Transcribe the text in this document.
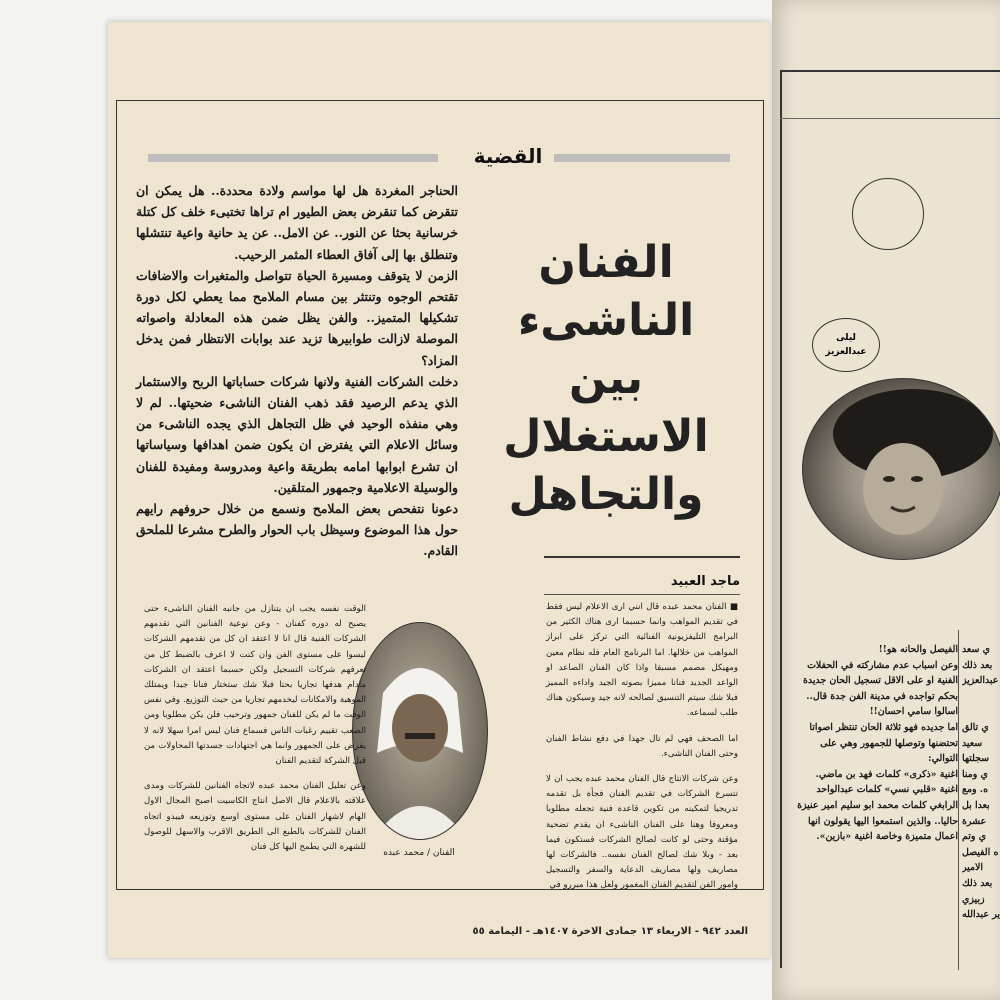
القضية

الحناجر المغردة هل لها مواسم ولادة محددة.. هل يمكن ان تتقرض كما تنقرض بعض الطيور ام تراها تختبىء خلف كل كتلة خرسانية بحثا عن النور.. عن الامل.. عن يد حانية واعية تنتشلها وتنطلق بها إلى آفاق العطاء المثمر الرحيب.

الزمن لا يتوقف ومسيرة الحياة تتواصل والمتغيرات والاضافات تقتحم الوجوه وتنتثر بين مسام الملامح مما يعطي لكل دورة تشكيلها المتميز.. والفن يظل ضمن هذه المعادلة واصواته الموصلة لازالت طوابيرها تزيد عند بوابات الانتظار فمن يدخل المزاد؟

دخلت الشركات الفنية ولانها شركات حساباتها الربح والاستثمار الذي يدعم الرصيد فقد ذهب الفنان الناشىء ضحيتها.. لم لا وهي منفذه الوحيد في ظل التجاهل الذي يجده الناشىء من وسائل الاعلام التي يفترض ان يكون ضمن اهدافها وسياساتها ان تشرع ابوابها امامه بطريقة واعية ومدروسة ومفيدة للفنان والوسيلة الاعلامية وجمهور المتلقين.

دعونا نتفحص بعض الملامح ونسمع من خلال حروفهم رايهم حول هذا الموضوع وسيظل باب الحوار والطرح مشرعا للملحق القادم.

الفنان الناشىء
بين
الاستغلال
والتجاهل
ماجد العبيد

■ الفنان محمد عبده قال انني ارى الاعلام ليس فقط في تقديم المواهب وانما حسبما ارى هناك الكثير من البرامج التليفزيونية الفنائية التي تركز على ابراز المواهب من خلالها. اما البرنامج العام فله نظام معين ومهيكل مصمم مسبقا واذا كان الفنان الصاعد او الواعد الجديد فنانا مميزا بصوته الجيد واداءه المميز فبلا شك سيتم التنسيق لصالحه لانه جيد وسيكون هناك طلب لسماعه.

اما الصحف فهي لم تال جهدا في دفع نشاط الفنان وحتى الفنان الناشىء.

وعن شركات الانتاج قال الفنان محمد عبده يجب ان لا تتسرع الشركات في تقديم الفنان فجأة بل تقدمه تدريجيا لتمكينه من تكوين قاعدة فنية تجعله مطلوبا ومعروفا وهنا على الفنان الناشىء ان يقدم تضحية مؤقتة وحتى لو كانت لصالح الشركات فستكون فيما بعد - وبلا شك لصالح الفنان نفسه.. فالشركات لها مصاريف ولها مصاريف الدعاية والسفر والتسجيل وامور الفن لتقديم الفنان المغمور ولعل هذا مبررو في

الفنان / محمد عبده

الوقت نفسه يجب ان يتنازل من جانبه الفنان الناشىء حتى يصبح له دوره كفنان - وعن نوعية الفنانين التي تقدمهم الشركات الفنية قال انا لا اعتقد ان كل من تقدمهم الشركات ليسوا على مستوى الفن وان كنت لا اعرف بالضبط كل من تعرفهم شركات التسجيل ولكن حسبما اعتقد ان الشركات مادام هدفها تجاريا بحتا فبلا شك ستختار فنانا جيدا ويمتلك الموهبة والامكانات ليخدمهم تجاريا من حيث التوزيع. وفي نفس الوقت ما لم يكن للفنان جمهور وترحيب فلن يكن مطلوبا ومن الصعب تقييم رغبات الناس فسماع فنان ليس امرا سهلا لانه لا يفرض على الجمهور وانما هي اجتهادات جسدتها المحاولات من قبل الشركة لتقديم الفنان

وعن تعليل الفنان محمد عبده لاتجاه الفنانين للشركات ومدى علاقته بالاعلام قال الاصل انتاج الكاسيت اصبح المجال الاول الهام لاشهار الفنان على مستوى اوسع وتوزيعه فيبدو اتجاه الفنان للشركات بالطبع الى الطريق الاقرب والاسهل للوصول للشهرة التي يطمح اليها كل فنان

العدد ٩٤٢ - الاربعاء ١٣ جمادى الاخرة ١٤٠٧هـ - اليمامة ٥٥
ليلى
عبدالعزيز

الفيصل والحانه هو!!

وعن اسباب عدم مشاركته في الحفلات الفنية او على الاقل تسجيل الحان جديدة بحكم تواجده في مدينة الفن جدة قال.. اسالوا سامي احسان!!

اما جديده فهو ثلاثة الحان تنتظر اصواتا تحتضنها وتوصلها للجمهور وهي على التوالي:

اغنية «ذكرى» كلمات فهد بن ماضي.

اغنية «قلبي نسي» كلمات عبدالواحد الرابغي كلمات محمد ابو سليم امير عنيزة حاليا.. والذين استمعوا اليها يقولون انها اعمال متميزة وخاصة اغنية «بازين».

ي سعد

بعد ذلك

عبدالعزيز

ي تالق

سعيد

سجلتها

ي ومنا

ه. ومع

بعدا بل

عشرة

ي وتم

ه الفيصل

الامير

بعد ذلك

زبيزي

ير عبدالله
